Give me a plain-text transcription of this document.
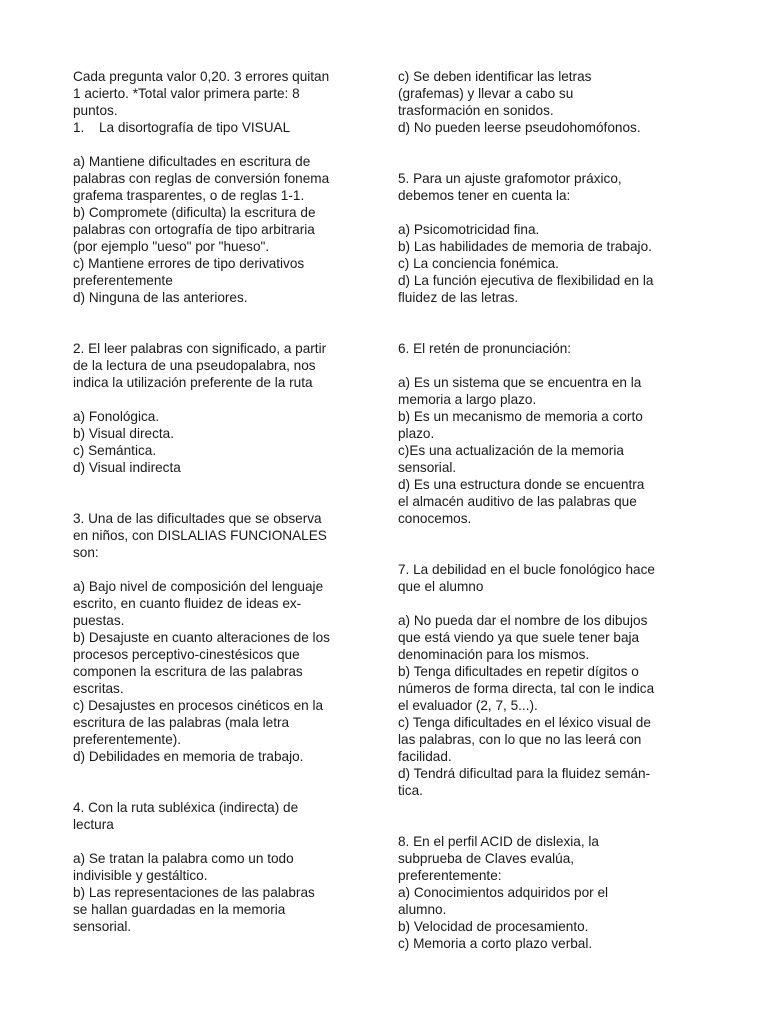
Cada pregunta valor 0,20. 3 errores quitan
1 acierto. *Total valor primera parte: 8
puntos.
1. La disortografía de tipo VISUAL
a) Mantiene dificultades en escritura de
palabras con reglas de conversión fonema
grafema trasparentes, o de reglas 1-1.
b) Compromete (dificulta) la escritura de
palabras con ortografía de tipo arbitraria
(por ejemplo "ueso" por "hueso".
c) Mantiene errores de tipo derivativos
preferentemente
d) Ninguna de las anteriores.
2. El leer palabras con significado, a partir
de la lectura de una pseudopalabra, nos
indica la utilización preferente de la ruta
a) Fonológica.
b) Visual directa.
c) Semántica.
d) Visual indirecta
3. Una de las dificultades que se observa
en niños, con DISLALIAS FUNCIONALES
son:
a) Bajo nivel de composición del lenguaje
escrito, en cuanto fluidez de ideas ex-
puestas.
b) Desajuste en cuanto alteraciones de los
procesos perceptivo-cinestésicos que
componen la escritura de las palabras
escritas.
c) Desajustes en procesos cinéticos en la
escritura de las palabras (mala letra
preferentemente).
d) Debilidades en memoria de trabajo.
4. Con la ruta subléxica (indirecta) de
lectura
a) Se tratan la palabra como un todo
indivisible y gestáltico.
b) Las representaciones de las palabras
se hallan guardadas en la memoria
sensorial.
c) Se deben identificar las letras
(grafemas) y llevar a cabo su
trasformación en sonidos.
d) No pueden leerse pseudohomófonos.
5. Para un ajuste grafomotor práxico,
debemos tener en cuenta la:
a) Psicomotricidad fina.
b) Las habilidades de memoria de trabajo.
c) La conciencia fonémica.
d) La función ejecutiva de flexibilidad en la
fluidez de las letras.
6. El retén de pronunciación:
a) Es un sistema que se encuentra en la
memoria a largo plazo.
b) Es un mecanismo de memoria a corto
plazo.
c)Es una actualización de la memoria
sensorial.
d) Es una estructura donde se encuentra
el almacén auditivo de las palabras que
conocemos.
7. La debilidad en el bucle fonológico hace
que el alumno
a) No pueda dar el nombre de los dibujos
que está viendo ya que suele tener baja
denominación para los mismos.
b) Tenga dificultades en repetir dígitos o
números de forma directa, tal con le indica
el evaluador (2, 7, 5...).
c) Tenga dificultades en el léxico visual de
las palabras, con lo que no las leerá con
facilidad.
d) Tendrá dificultad para la fluidez semán-
tica.
8. En el perfil ACID de dislexia, la
subprueba de Claves evalúa,
preferentemente:
a) Conocimientos adquiridos por el
alumno.
b) Velocidad de procesamiento.
c) Memoria a corto plazo verbal.
